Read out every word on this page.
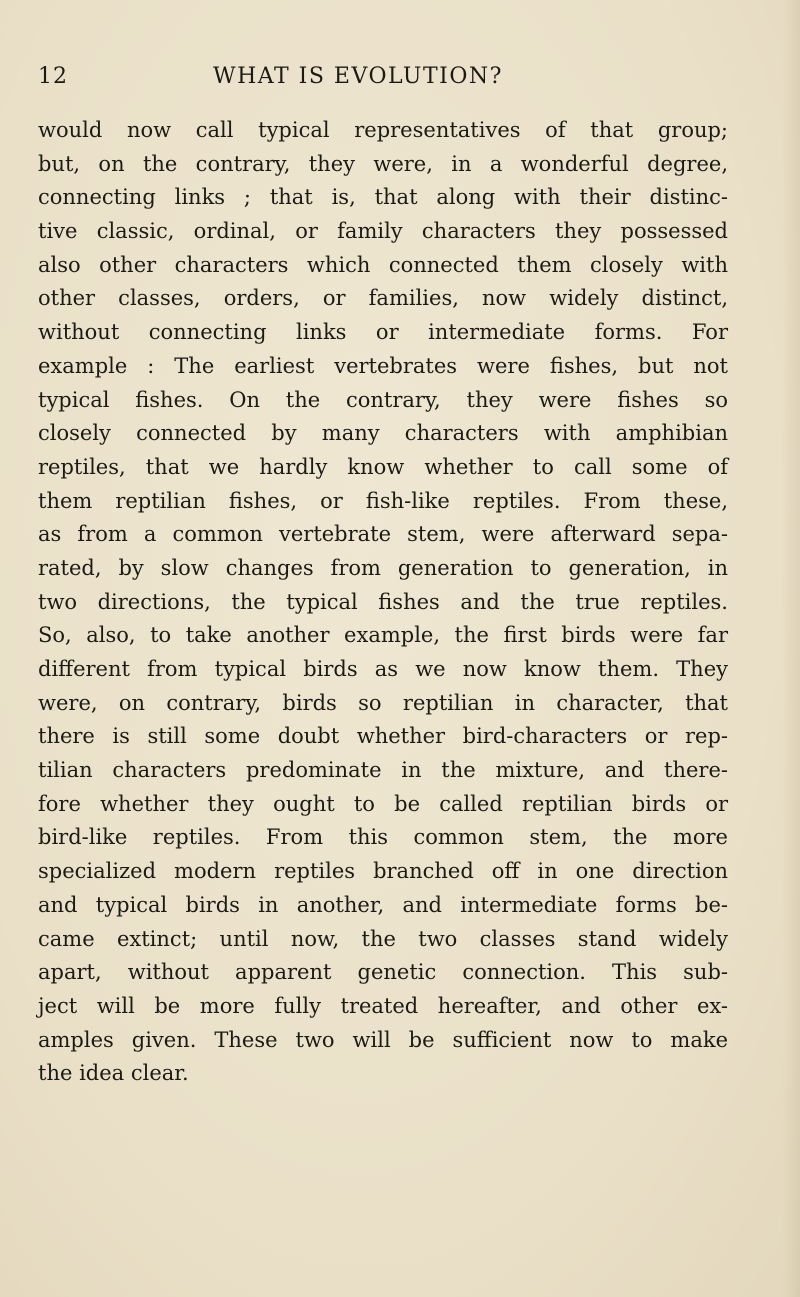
12	WHAT IS EVOLUTION?
would now call typical representatives of that group;
but, on the contrary, they were, in a wonderful degree,
connecting links ; that is, that along with their distinc-
tive classic, ordinal, or family characters they possessed
also other characters which connected them closely with
other classes, orders, or families, now widely distinct,
without connecting links or intermediate forms. For
example : The earliest vertebrates were fishes, but not
typical fishes. On the contrary, they were fishes so
closely connected by many characters with amphibian
reptiles, that we hardly know whether to call some of
them reptilian fishes, or fish-like reptiles. From these,
as from a common vertebrate stem, were afterward sepa-
rated, by slow changes from generation to generation, in
two directions, the typical fishes and the true reptiles.
So, also, to take another example, the first birds were far
different from typical birds as we now know them. They
were, on contrary, birds so reptilian in character, that
there is still some doubt whether bird-characters or rep-
tilian characters predominate in the mixture, and there-
fore whether they ought to be called reptilian birds or
bird-like reptiles. From this common stem, the more
specialized modern reptiles branched off in one direction
and typical birds in another, and intermediate forms be-
came extinct; until now, the two classes stand widely
apart, without apparent genetic connection. This sub-
ject will be more fully treated hereafter, and other ex-
amples given. These two will be sufficient now to make
the idea clear.
